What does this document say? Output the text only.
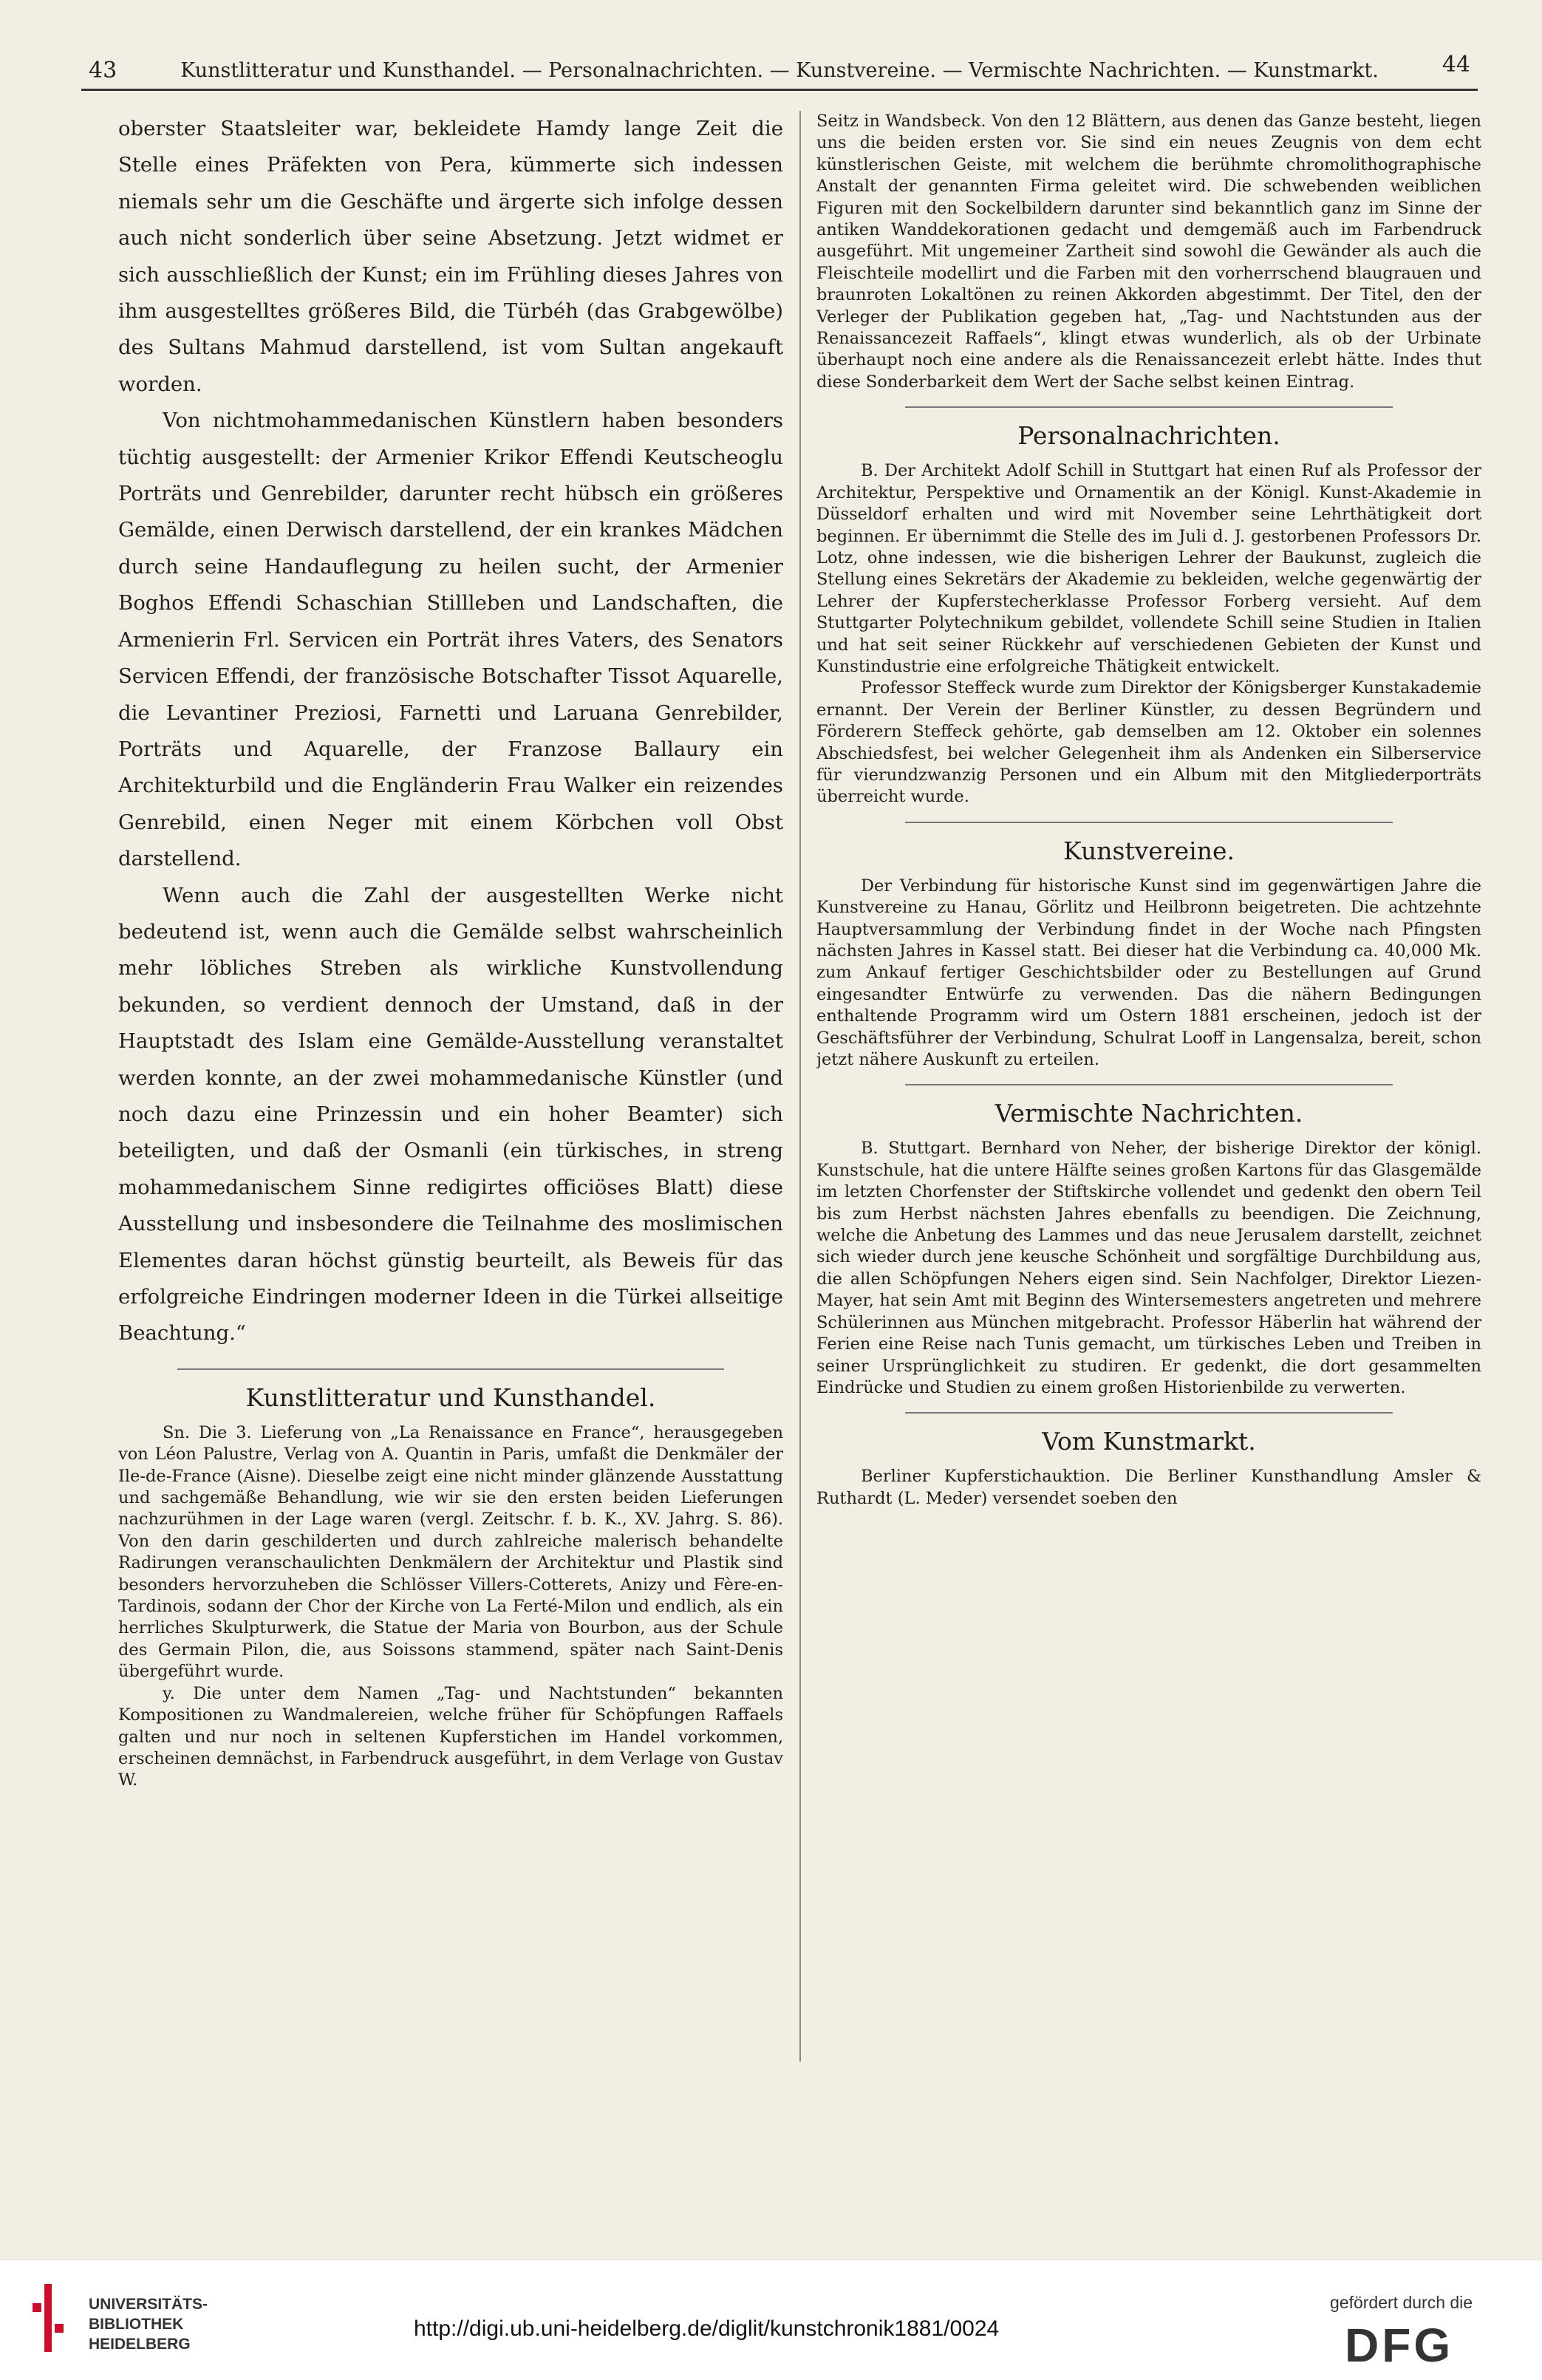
43	Kunstlitteratur und Kunsthandel. — Personalnachrichten. — Kunstvereine. — Vermischte Nachrichten. — Kunstmarkt.	44

oberster Staatsleiter war, bekleidete Hamdy lange Zeit die Stelle eines Präfekten von Pera, kümmerte sich indessen niemals sehr um die Geschäfte und ärgerte sich infolge dessen auch nicht sonderlich über seine Absetzung. Jetzt widmet er sich ausschließlich der Kunst; ein im Frühling dieses Jahres von ihm ausgestelltes größeres Bild, die Türbéh (das Grabgewölbe) des Sultans Mahmud darstellend, ist vom Sultan angekauft worden.

Von nichtmohammedanischen Künstlern haben besonders tüchtig ausgestellt: der Armenier Krikor Effendi Keutscheoglu Porträts und Genrebilder, darunter recht hübsch ein größeres Gemälde, einen Derwisch darstellend, der ein krankes Mädchen durch seine Handauflegung zu heilen sucht, der Armenier Boghos Effendi Schaschian Stillleben und Landschaften, die Armenierin Frl. Servicen ein Porträt ihres Vaters, des Senators Servicen Effendi, der französische Botschafter Tissot Aquarelle, die Levantiner Preziosi, Farnetti und Laruana Genrebilder, Porträts und Aquarelle, der Franzose Ballaury ein Architekturbild und die Engländerin Frau Walker ein reizendes Genrebild, einen Neger mit einem Körbchen voll Obst darstellend.

Wenn auch die Zahl der ausgestellten Werke nicht bedeutend ist, wenn auch die Gemälde selbst wahrscheinlich mehr löbliches Streben als wirkliche Kunstvollendung bekunden, so verdient dennoch der Umstand, daß in der Hauptstadt des Islam eine Gemälde-Ausstellung veranstaltet werden konnte, an der zwei mohammedanische Künstler (und noch dazu eine Prinzessin und ein hoher Beamter) sich beteiligten, und daß der Osmanli (ein türkisches, in streng mohammedanischem Sinne redigirtes officiöses Blatt) diese Ausstellung und insbesondere die Teilnahme des moslimischen Elementes daran höchst günstig beurteilt, als Beweis für das erfolgreiche Eindringen moderner Ideen in die Türkei allseitige Beachtung.“

Kunstlitteratur und Kunsthandel.

Sn. Die 3. Lieferung von „La Renaissance en France“, herausgegeben von Léon Palustre, Verlag von A. Quantin in Paris, umfaßt die Denkmäler der Ile-de-France (Aisne). Dieselbe zeigt eine nicht minder glänzende Ausstattung und sachgemäße Behandlung, wie wir sie den ersten beiden Lieferungen nachzurühmen in der Lage waren (vergl. Zeitschr. f. b. K., XV. Jahrg. S. 86). Von den darin geschilderten und durch zahlreiche malerisch behandelte Radirungen veranschaulichten Denkmälern der Architektur und Plastik sind besonders hervorzuheben die Schlösser Villers-Cotterets, Anizy und Fère-en-Tardinois, sodann der Chor der Kirche von La Ferté-Milon und endlich, als ein herrliches Skulpturwerk, die Statue der Maria von Bourbon, aus der Schule des Germain Pilon, die, aus Soissons stammend, später nach Saint-Denis übergeführt wurde.

y. Die unter dem Namen „Tag- und Nachtstunden“ bekannten Kompositionen zu Wandmalereien, welche früher für Schöpfungen Raffaels galten und nur noch in seltenen Kupferstichen im Handel vorkommen, erscheinen demnächst, in Farbendruck ausgeführt, in dem Verlage von Gustav W.

Seitz in Wandsbeck. Von den 12 Blättern, aus denen das Ganze besteht, liegen uns die beiden ersten vor. Sie sind ein neues Zeugnis von dem echt künstlerischen Geiste, mit welchem die berühmte chromolithographische Anstalt der genannten Firma geleitet wird. Die schwebenden weiblichen Figuren mit den Sockelbildern darunter sind bekanntlich ganz im Sinne der antiken Wanddekorationen gedacht und demgemäß auch im Farbendruck ausgeführt. Mit ungemeiner Zartheit sind sowohl die Gewänder als auch die Fleischteile modellirt und die Farben mit den vorherrschend blaugrauen und braunroten Lokaltönen zu reinen Akkorden abgestimmt. Der Titel, den der Verleger der Publikation gegeben hat, „Tag- und Nachtstunden aus der Renaissancezeit Raffaels“, klingt etwas wunderlich, als ob der Urbinate überhaupt noch eine andere als die Renaissancezeit erlebt hätte. Indes thut diese Sonderbarkeit dem Wert der Sache selbst keinen Eintrag.

Personalnachrichten.

B. Der Architekt Adolf Schill in Stuttgart hat einen Ruf als Professor der Architektur, Perspektive und Ornamentik an der Königl. Kunst-Akademie in Düsseldorf erhalten und wird mit November seine Lehrthätigkeit dort beginnen. Er übernimmt die Stelle des im Juli d. J. gestorbenen Professors Dr. Lotz, ohne indessen, wie die bisherigen Lehrer der Baukunst, zugleich die Stellung eines Sekretärs der Akademie zu bekleiden, welche gegenwärtig der Lehrer der Kupferstecherklasse Professor Forberg versieht. Auf dem Stuttgarter Polytechnikum gebildet, vollendete Schill seine Studien in Italien und hat seit seiner Rückkehr auf verschiedenen Gebieten der Kunst und Kunstindustrie eine erfolgreiche Thätigkeit entwickelt.

Professor Steffeck wurde zum Direktor der Königsberger Kunstakademie ernannt. Der Verein der Berliner Künstler, zu dessen Begründern und Förderern Steffeck gehörte, gab demselben am 12. Oktober ein solennes Abschiedsfest, bei welcher Gelegenheit ihm als Andenken ein Silberservice für vierundzwanzig Personen und ein Album mit den Mitgliederporträts überreicht wurde.

Kunstvereine.

Der Verbindung für historische Kunst sind im gegenwärtigen Jahre die Kunstvereine zu Hanau, Görlitz und Heilbronn beigetreten. Die achtzehnte Hauptversammlung der Verbindung findet in der Woche nach Pfingsten nächsten Jahres in Kassel statt. Bei dieser hat die Verbindung ca. 40,000 Mk. zum Ankauf fertiger Geschichtsbilder oder zu Bestellungen auf Grund eingesandter Entwürfe zu verwenden. Das die nähern Bedingungen enthaltende Programm wird um Ostern 1881 erscheinen, jedoch ist der Geschäftsführer der Verbindung, Schulrat Looff in Langensalza, bereit, schon jetzt nähere Auskunft zu erteilen.

Vermischte Nachrichten.

B. Stuttgart. Bernhard von Neher, der bisherige Direktor der königl. Kunstschule, hat die untere Hälfte seines großen Kartons für das Glasgemälde im letzten Chorfenster der Stiftskirche vollendet und gedenkt den obern Teil bis zum Herbst nächsten Jahres ebenfalls zu beendigen. Die Zeichnung, welche die Anbetung des Lammes und das neue Jerusalem darstellt, zeichnet sich wieder durch jene keusche Schönheit und sorgfältige Durchbildung aus, die allen Schöpfungen Nehers eigen sind. Sein Nachfolger, Direktor Liezen-Mayer, hat sein Amt mit Beginn des Wintersemesters angetreten und mehrere Schülerinnen aus München mitgebracht. Professor Häberlin hat während der Ferien eine Reise nach Tunis gemacht, um türkisches Leben und Treiben in seiner Ursprünglichkeit zu studiren. Er gedenkt, die dort gesammelten Eindrücke und Studien zu einem großen Historienbilde zu verwerten.

Vom Kunstmarkt.

Berliner Kupferstichauktion. Die Berliner Kunsthandlung Amsler & Ruthardt (L. Meder) versendet soeben den

UNIVERSITÄTS-
BIBLIOTHEK
HEIDELBERG
http://digi.ub.uni-heidelberg.de/diglit/kunstchronik1881/0024
gefördert durch die
DFG
